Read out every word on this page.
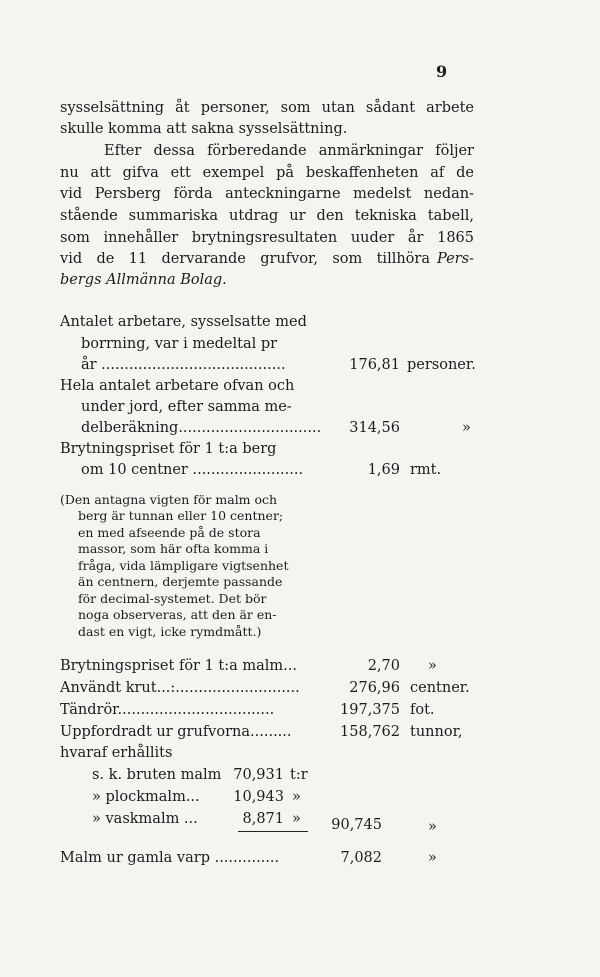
9
sysselsättning åt personer, som utan sådant arbete
skulle komma att sakna sysselsättning.
Efter dessa förberedande anmärkningar följer
nu att gifva ett exempel på beskaffenheten af de
vid Persberg förda anteckningarne medelst nedan-
stående summariska utdrag ur den tekniska tabell,
som innehåller brytningsresultaten uuder år 1865
vid de 11 dervarande grufvor, som tillhöra Pers-
bergs Allmänna Bolag.
Antalet arbetare, sysselsatte med
borrning, var i medeltal pr
år ........................................	176,81 personer.
Hela antalet arbetare ofvan och
under jord, efter samma me-
delberäkning...............................	314,56	»
Brytningspriset för 1 t:a berg
om 10 centner ........................	1,69 rmt.
(Den antagna vigten för malm och
berg är tunnan eller 10 centner;
en med afseende på de stora
massor, som här ofta komma i
fråga, vida lämpligare vigtsenhet
än centnern, derjemte passande
för decimal-systemet. Det bör
noga observeras, att den är en-
dast en vigt, icke rymdmått.)
Brytningspriset för 1 t:a malm...	2,70 »
Användt krut...:...........................	276,96 centner.
Tändrör..................................	197,375 fot.
Uppfordradt ur grufvorna.........	158,762 tunnor,
hvaraf erhållits
s. k. bruten malm 70,931 t:r
» plockmalm...	10,943 »
» vaskmalm ...	8,871 »	90,745	»
Malm ur gamla varp ..............	7,082	»
